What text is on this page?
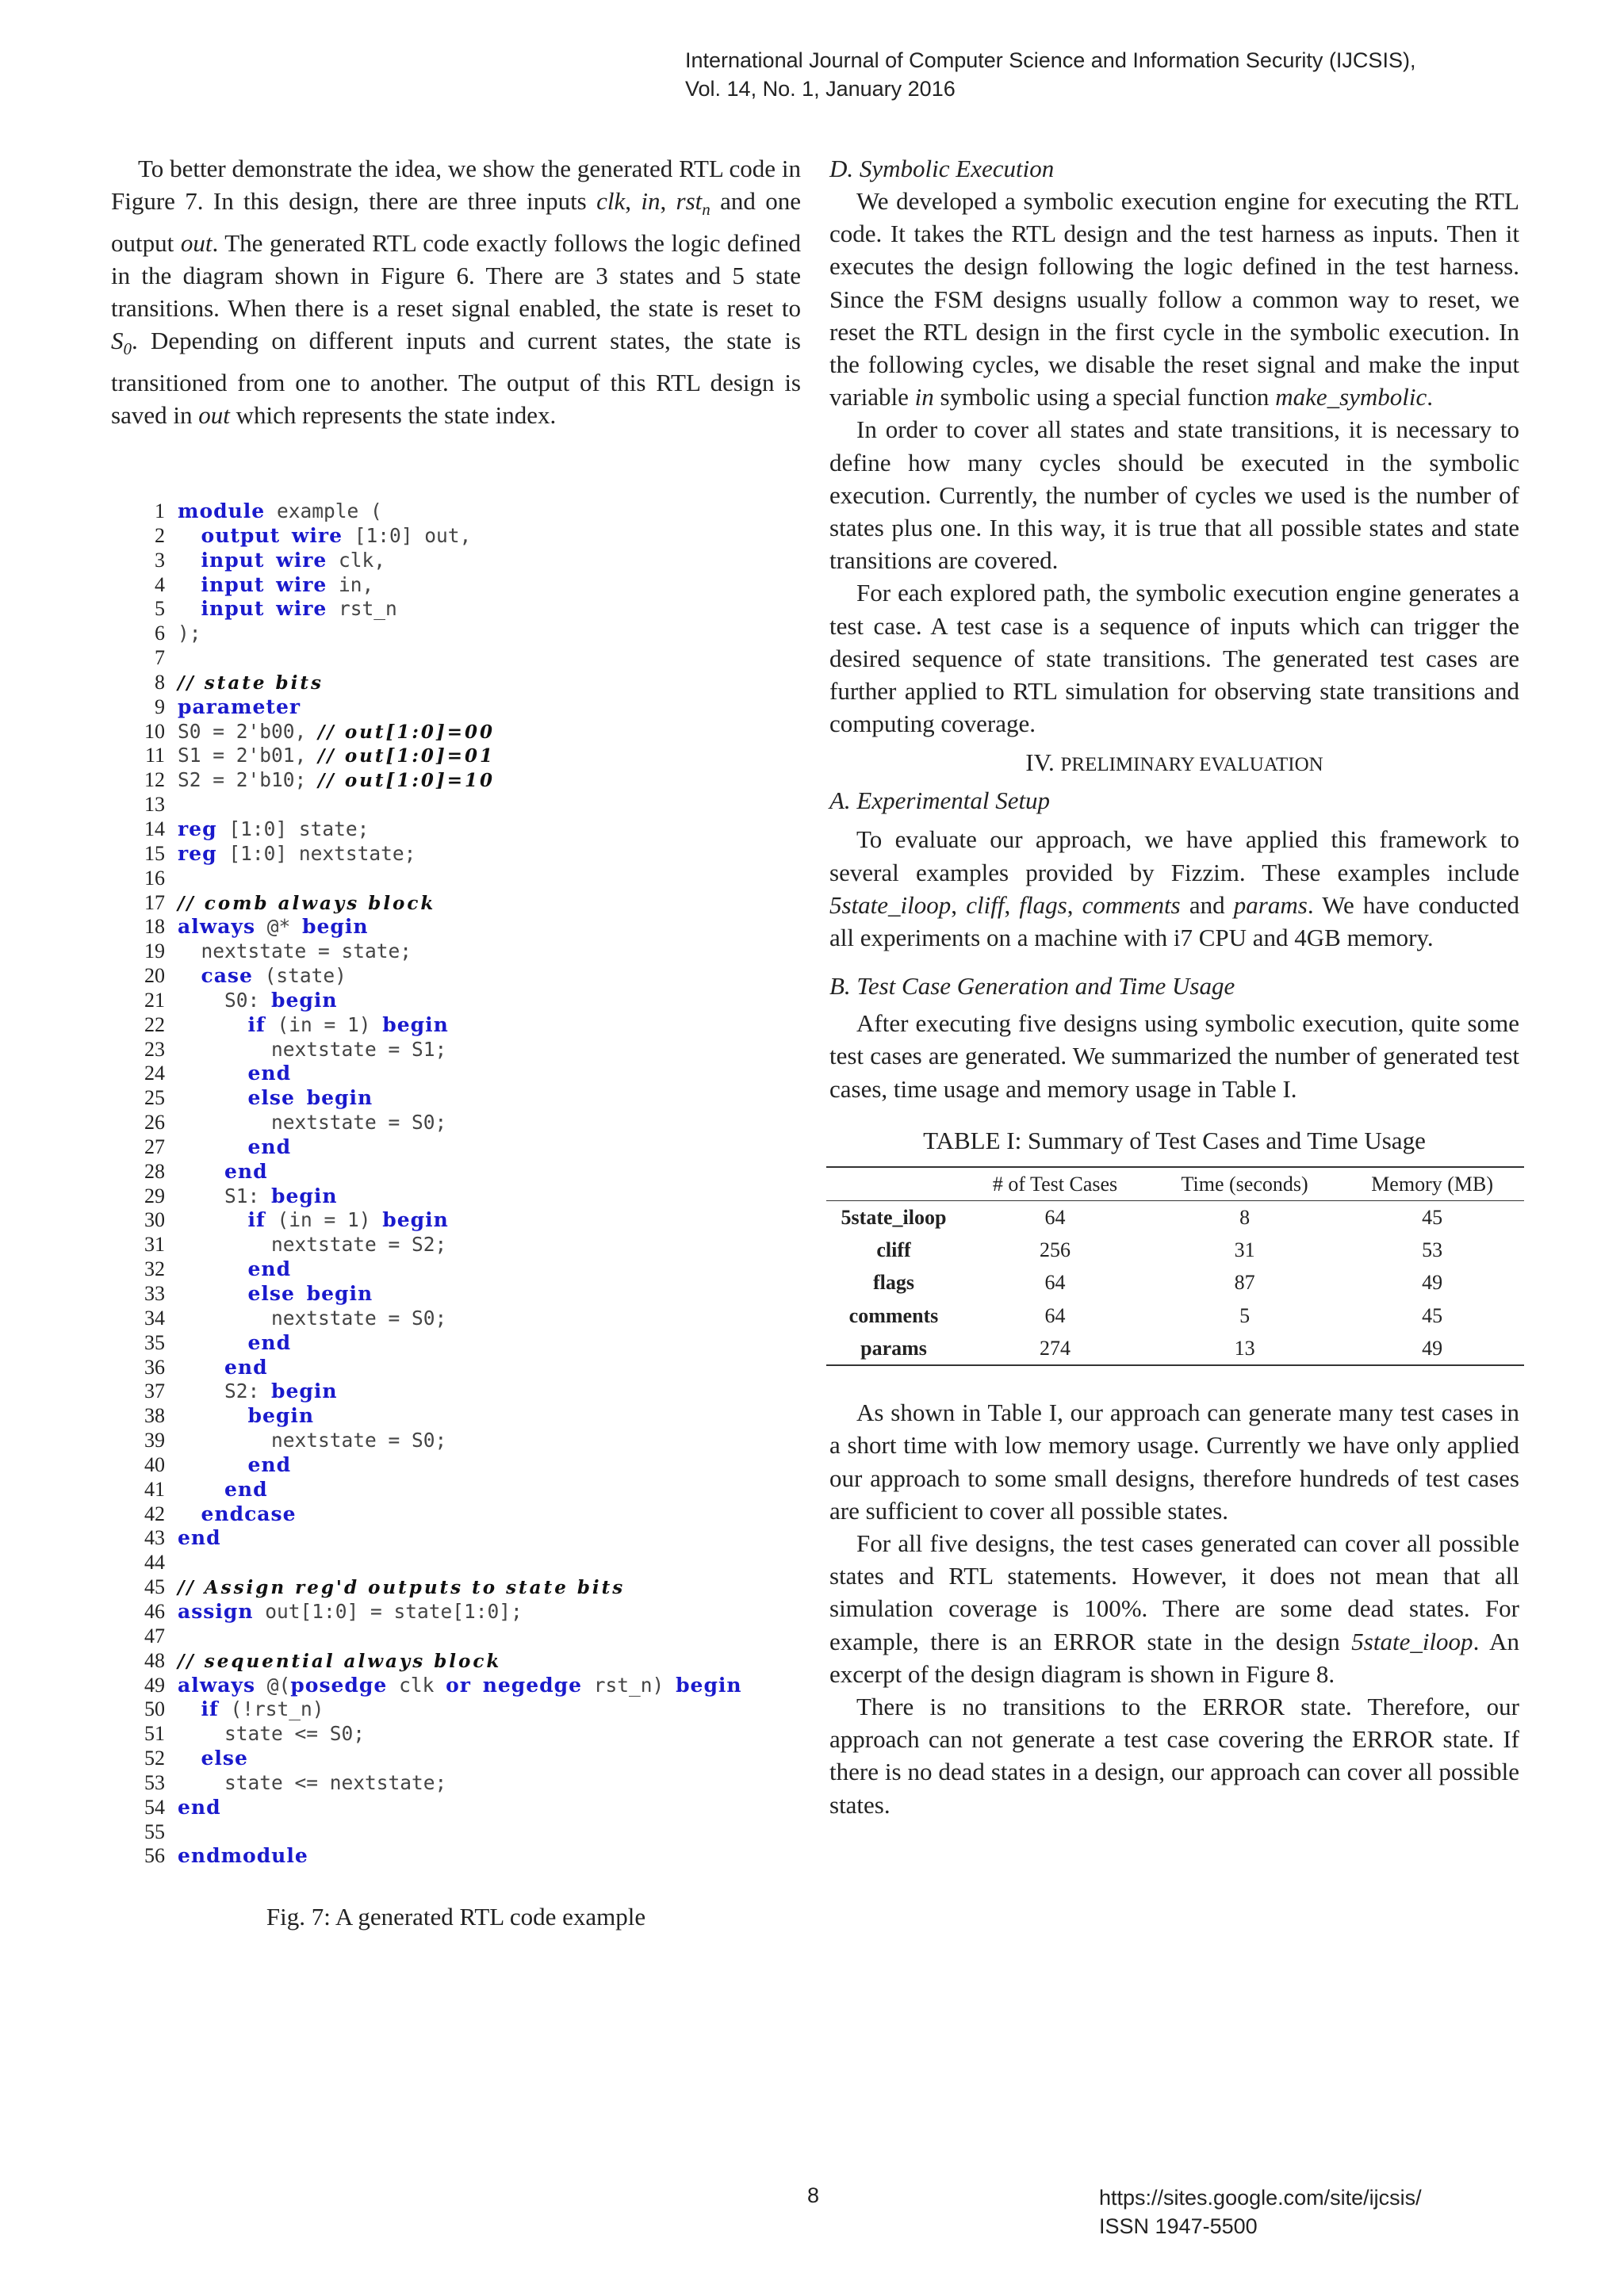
International Journal of Computer Science and Information Security (IJCSIS),
Vol. 14, No. 1, January 2016

To better demonstrate the idea, we show the generated RTL code in Figure 7. In this design, there are three inputs clk, in, rst$_n$ and one output out. The generated RTL code exactly follows the logic defined in the diagram shown in Figure 6. There are 3 states and 5 state transitions. When there is a reset signal enabled, the state is reset to $S_0$. Depending on different inputs and current states, the state is transitioned from one to another. The output of this RTL design is saved in out which represents the state index.

1 module example (
2	output wire [1:0] out,
3	input wire clk,
4	input wire in,
5	input wire rst_n
6 );
7
8 // state bits
9 parameter
10 S0 = 2'b00, // out[1:0]=00
11 S1 = 2'b01, // out[1:0]=01
12 S2 = 2'b10; // out[1:0]=10
13
14 reg [1:0] state;
15 reg [1:0] nextstate;
16
17 // comb always block
18 always @* begin
19 nextstate = state;
20	case (state)
21 S0: begin
22	if (in = 1) begin
23 nextstate = S1;
24	end
25	else begin
26 nextstate = S0;
27	end
28	end
29 S1: begin
30	if (in = 1) begin
31 nextstate = S2;
32	end
33	else begin
34 nextstate = S0;
35	end
36	end
37 S2: begin
38	begin
39 nextstate = S0;
40	end
41	end
42	endcase
43 end
44
45 // Assign reg'd outputs to state bits
46 assign out[1:0] = state[1:0];
47
48 // sequential always block
49 always @(posedge clk or negedge rst_n) begin
50	if (!rst_n)
51 state <= S0;
52	else
53 state <= nextstate;
54 end
55
56 endmodule
Fig. 7: A generated RTL code example

D. Symbolic Execution

We developed a symbolic execution engine for executing the RTL code. It takes the RTL design and the test harness as inputs. Then it executes the design following the logic defined in the test harness. Since the FSM designs usually follow a common way to reset, we reset the RTL design in the first cycle in the symbolic execution. In the following cycles, we disable the reset signal and make the input variable in symbolic using a special function make_symbolic.

In order to cover all states and state transitions, it is necessary to define how many cycles should be executed in the symbolic execution. Currently, the number of cycles we used is the number of states plus one. In this way, it is true that all possible states and state transitions are covered.

For each explored path, the symbolic execution engine generates a test case. A test case is a sequence of inputs which can trigger the desired sequence of state transitions. The generated test cases are further applied to RTL simulation for observing state transitions and computing coverage.

IV. PRELIMINARY EVALUATION

A. Experimental Setup

To evaluate our approach, we have applied this framework to several examples provided by Fizzim. These examples include 5state_iloop, cliff, flags, comments and params. We have conducted all experiments on a machine with i7 CPU and 4GB memory.

B. Test Case Generation and Time Usage

After executing five designs using symbolic execution, quite some test cases are generated. We summarized the number of generated test cases, time usage and memory usage in Table I.

TABLE I: Summary of Test Cases and Time Usage

	# of Test Cases	Time (seconds)	Memory (MB)
5state_iloop	64	8	45
cliff	256	31	53
flags	64	87	49
comments	64	5	45
params	274	13	49

As shown in Table I, our approach can generate many test cases in a short time with low memory usage. Currently we have only applied our approach to some small designs, therefore hundreds of test cases are sufficient to cover all possible states.

For all five designs, the test cases generated can cover all possible states and RTL statements. However, it does not mean that all simulation coverage is 100%. There are some dead states. For example, there is an ERROR state in the design 5state_iloop. An excerpt of the design diagram is shown in Figure 8.

There is no transitions to the ERROR state. Therefore, our approach can not generate a test case covering the ERROR state. If there is no dead states in a design, our approach can cover all possible states.

8	https://sites.google.com/site/ijcsis/
ISSN 1947-5500
